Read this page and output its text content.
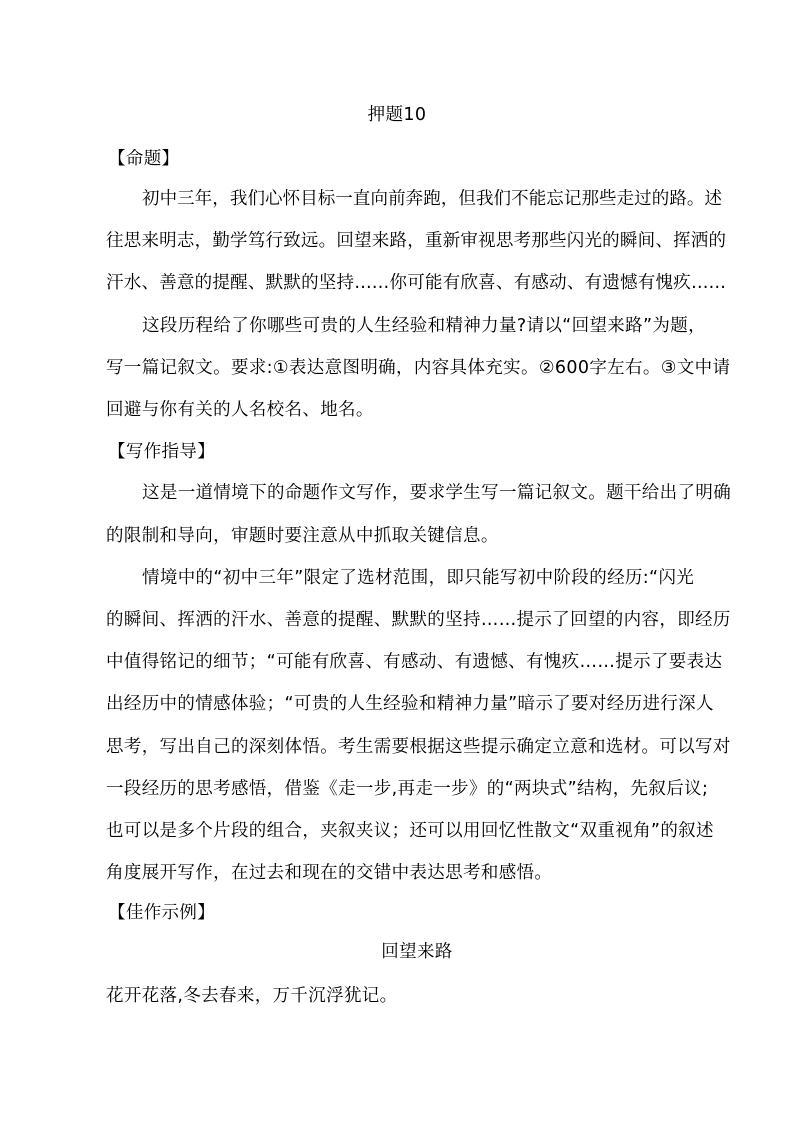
押题10
【命题】
初中三年，我们心怀目标一直向前奔跑，但我们不能忘记那些走过的路。述
往思来明志，勤学笃行致远。回望来路，重新审视思考那些闪光的瞬间、挥洒的
汗水、善意的提醒、默默的坚持……你可能有欣喜、有感动、有遗憾有愧疚……
这段历程给了你哪些可贵的人生经验和精神力量?请以“回望来路”为题，
写一篇记叙文。要求:①表达意图明确，内容具体充实。②600字左右。③文中请
回避与你有关的人名校名、地名。
【写作指导】
这是一道情境下的命题作文写作，要求学生写一篇记叙文。题干给出了明确
的限制和导向，审题时要注意从中抓取关键信息。
情境中的“初中三年”限定了选材范围，即只能写初中阶段的经历:“闪光
的瞬间、挥洒的汗水、善意的提醒、默默的坚持……提示了回望的内容，即经历
中值得铭记的细节；“可能有欣喜、有感动、有遗憾、有愧疚……提示了要表达
出经历中的情感体验；“可贵的人生经验和精神力量”暗示了要对经历进行深人
思考，写出自己的深刻体悟。考生需要根据这些提示确定立意和选材。可以写对
一段经历的思考感悟，借鉴《走一步,再走一步》的“两块式”结构，先叙后议;
也可以是多个片段的组合，夹叙夹议；还可以用回忆性散文“双重视角”的叙述
角度展开写作，在过去和现在的交错中表达思考和感悟。
【佳作示例】
回望来路
花开花落,冬去春来，万千沉浮犹记。
